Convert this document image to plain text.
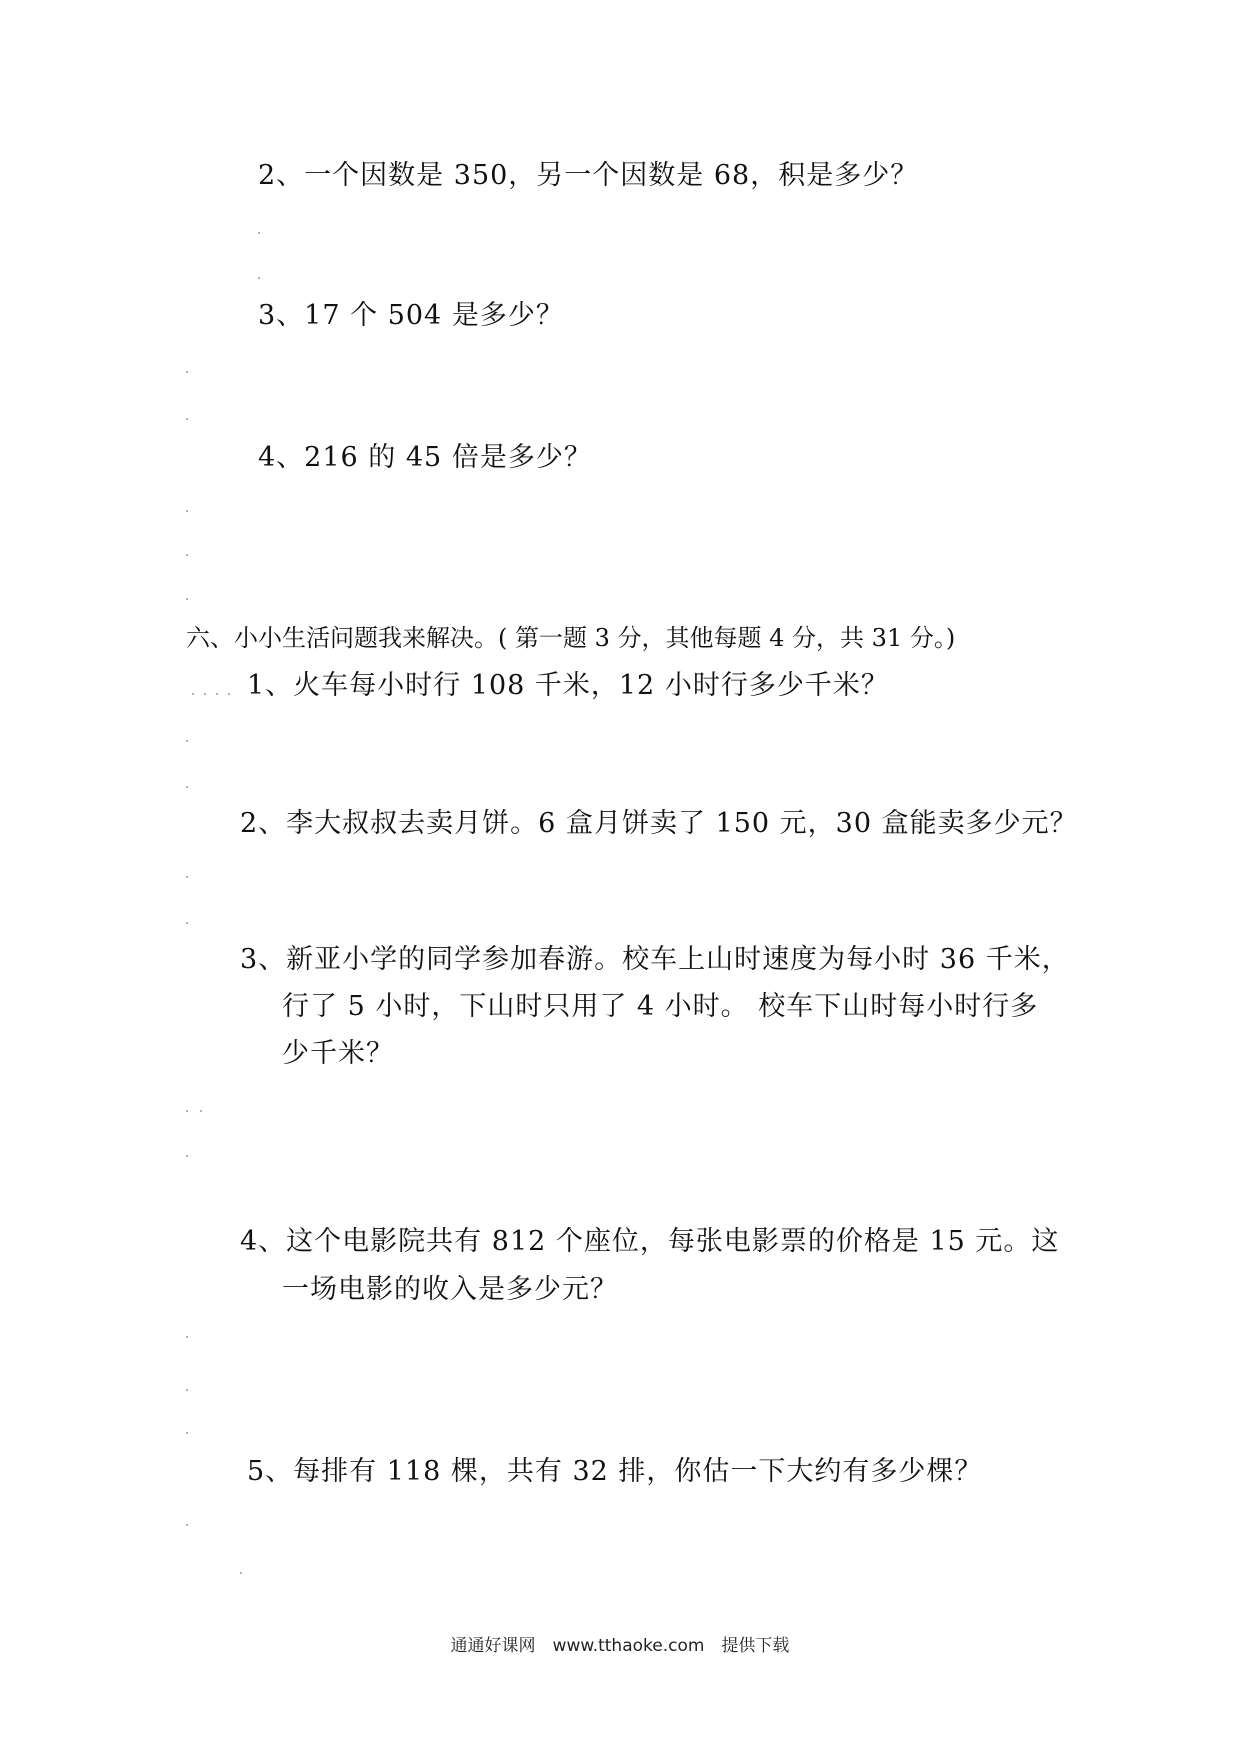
2、一个因数是 350，另一个因数是 68，积是多少？
3、17 个 504 是多少？
4、216 的 45 倍是多少？
六、小小生活问题我来解决。( 第一题 3 分，其他每题 4 分，共 31 分。)
1、火车每小时行 108 千米，12 小时行多少千米？
2、李大叔叔去卖月饼。6 盒月饼卖了 150 元，30 盒能卖多少元？
3、新亚小学的同学参加春游。校车上山时速度为每小时 36 千米，
行了 5 小时，下山时只用了 4 小时。 校车下山时每小时行多
少千米？
4、这个电影院共有 812 个座位，每张电影票的价格是 15 元。这
一场电影的收入是多少元？
5、每排有 118 棵，共有 32 排，你估一下大约有多少棵？
通通好课网　www.tthaoke.com　提供下载
